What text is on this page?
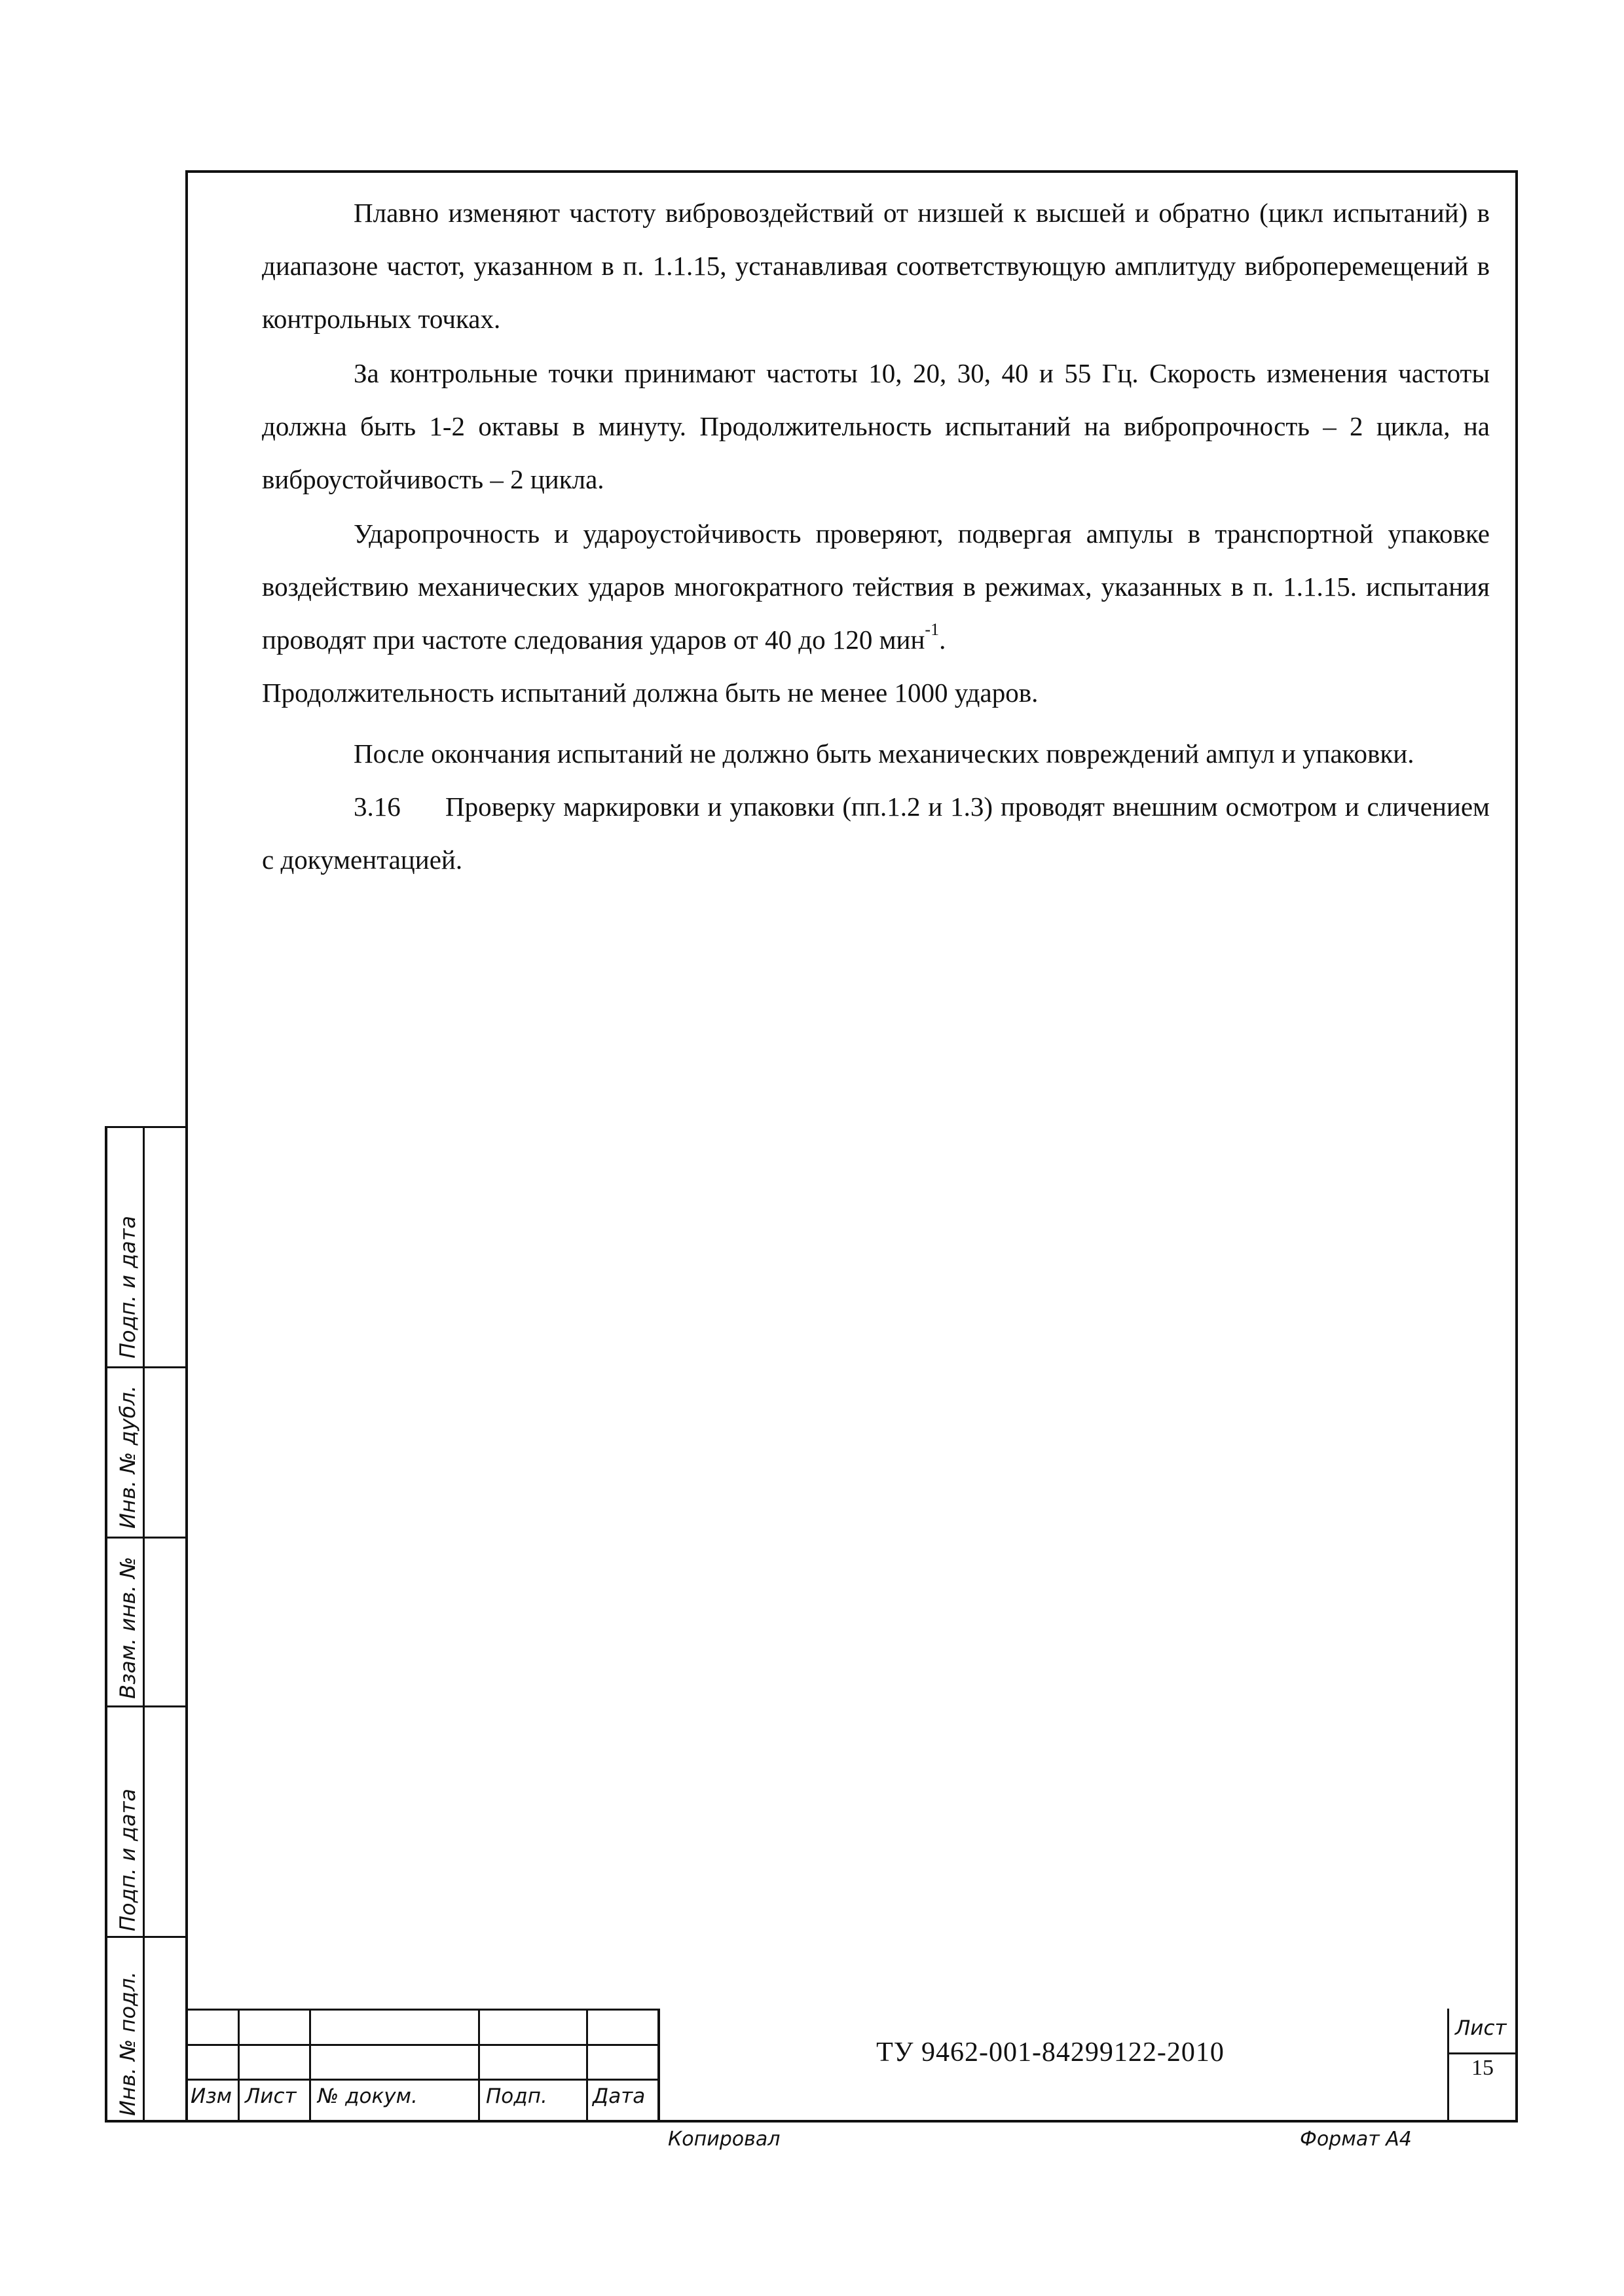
Подп. и дата
Инв. № дубл.
Взам. инв. №
Подп. и дата
Инв. № подл.

Плавно изменяют частоту вибровоздействий от низшей к высшей и обратно (цикл испытаний) в диапазоне частот, указанном в п. 1.1.15, устанавливая соответствующую амплитуду виброперемещений в контрольных точках.

За контрольные точки принимают частоты 10, 20, 30, 40 и 55 Гц. Скорость изменения частоты должна быть 1-2 октавы в минуту. Продолжительность испытаний на вибропрочность – 2 цикла, на виброустойчивость – 2 цикла.

Ударопрочность и удароустойчивость проверяют, подвергая ампулы в транспортной упаковке воздействию механических ударов многократного тействия в режимах, указанных в п. 1.1.15. испытания проводят при частоте следования ударов от 40 до 120 мин$^{-1}$.

Продолжительность испытаний должна быть не менее 1000 ударов.

После окончания испытаний не должно быть механических повреждений ампул и упаковки.

3.16 Проверку маркировки и упаковки (пп.1.2 и 1.3) проводят внешним осмотром и сличением с документацией.

Изм Лист № докум.	Подп. Дата
ТУ 9462-001-84299122-2010
Лист
15
Копировал	Формат А4
